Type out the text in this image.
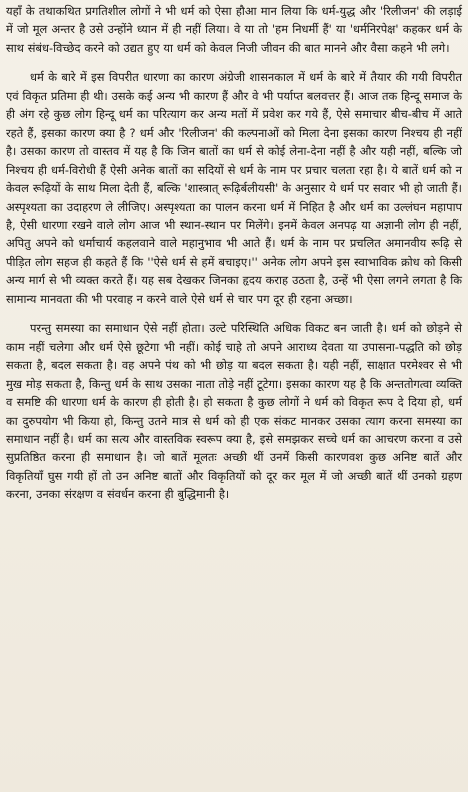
यहाँ के तथाकथित प्रगतिशील लोगों ने भी धर्म को ऐसा हौआ मान लिया कि धर्म-युद्ध और 'रिलीजन' की लड़ाई में जो मूल अन्तर है उसे उन्होंने ध्यान में ही नहीं लिया। वे या तो 'हम निधर्मी हैं' या 'धर्मनिरपेक्ष' कहकर धर्म के साथ संबंध-विच्छेद करने को उद्यत हुए या धर्म को केवल निजी जीवन की बात मानने और वैसा कहने भी लगे।

धर्म के बारे में इस विपरीत धारणा का कारण अंग्रेजी शासनकाल में धर्म के बारे में तैयार की गयी विपरीत एवं विकृत प्रतिमा ही थी। उसके कई अन्य भी कारण हैं और वे भी पर्याप्त बलवत्तर हैं। आज तक हिन्दू समाज के ही अंग रहे कुछ लोग हिन्दू धर्म का परित्याग कर अन्य मतों में प्रवेश कर गये हैं, ऐसे समाचार बीच-बीच में आते रहते हैं, इसका कारण क्या है ? धर्म और 'रिलीजन' की कल्पनाओं को मिला देना इसका कारण निश्चय ही नहीं है। उसका कारण तो वास्तव में यह है कि जिन बातों का धर्म से कोई लेना-देना नहीं है और यही नहीं, बल्कि जो निश्चय ही धर्म-विरोधी हैं ऐसी अनेक बातों का सदियों से धर्म के नाम पर प्रचार चलता रहा है। ये बातें धर्म को न केवल रूढ़ियों के साथ मिला देती हैं, बल्कि 'शास्त्रात् रूढ़िर्बलीयसी' के अनुसार ये धर्म पर सवार भी हो जाती हैं। अस्पृश्यता का उदाहरण ले लीजिए। अस्पृश्यता का पालन करना धर्म में निहित है और धर्म का उल्लंघन महापाप है, ऐसी धारणा रखने वाले लोग आज भी स्थान-स्थान पर मिलेंगे। इनमें केवल अनपढ़ या अज्ञानी लोग ही नहीं, अपितु अपने को धर्माचार्य कहलवाने वाले महानुभाव भी आते हैं। धर्म के नाम पर प्रचलित अमानवीय रूढ़ि से पीड़ित लोग सहज ही कहते हैं कि ''ऐसे धर्म से हमें बचाइए।'' अनेक लोग अपने इस स्वाभाविक क्रोध को किसी अन्य मार्ग से भी व्यक्त करते हैं। यह सब देखकर जिनका हृदय कराह उठता है, उन्हें भी ऐसा लगने लगता है कि सामान्य मानवता की भी परवाह न करने वाले ऐसे धर्म से चार पग दूर ही रहना अच्छा।

परन्तु समस्या का समाधान ऐसे नहीं होता। उल्टे परिस्थिति अधिक विकट बन जाती है। धर्म को छोड़ने से काम नहीं चलेगा और धर्म ऐसे छूटेगा भी नहीं। कोई चाहे तो अपने आराध्य देवता या उपासना-पद्धति को छोड़ सकता है, बदल सकता है। वह अपने पंथ को भी छोड़ या बदल सकता है। यही नहीं, साक्षात परमेश्वर से भी मुख मोड़ सकता है, किन्तु धर्म के साथ उसका नाता तोड़े नहीं टूटेगा। इसका कारण यह है कि अन्ततोगत्वा व्यक्ति व समष्टि की धारणा धर्म के कारण ही होती है। हो सकता है कुछ लोगों ने धर्म को विकृत रूप दे दिया हो, धर्म का दुरुपयोग भी किया हो, किन्तु उतने मात्र से धर्म को ही एक संकट मानकर उसका त्याग करना समस्या का समाधान नहीं है। धर्म का सत्य और वास्तविक स्वरूप क्या है, इसे समझकर सच्चे धर्म का आचरण करना व उसे सुप्रतिष्ठित करना ही समाधान है। जो बातें मूलतः अच्छी थीं उनमें किसी कारणवश कुछ अनिष्ट बातें और विकृतियाँ घुस गयी हों तो उन अनिष्ट बातों और विकृतियों को दूर कर मूल में जो अच्छी बातें थीं उनको ग्रहण करना, उनका संरक्षण व संवर्धन करना ही बुद्धिमानी है।
